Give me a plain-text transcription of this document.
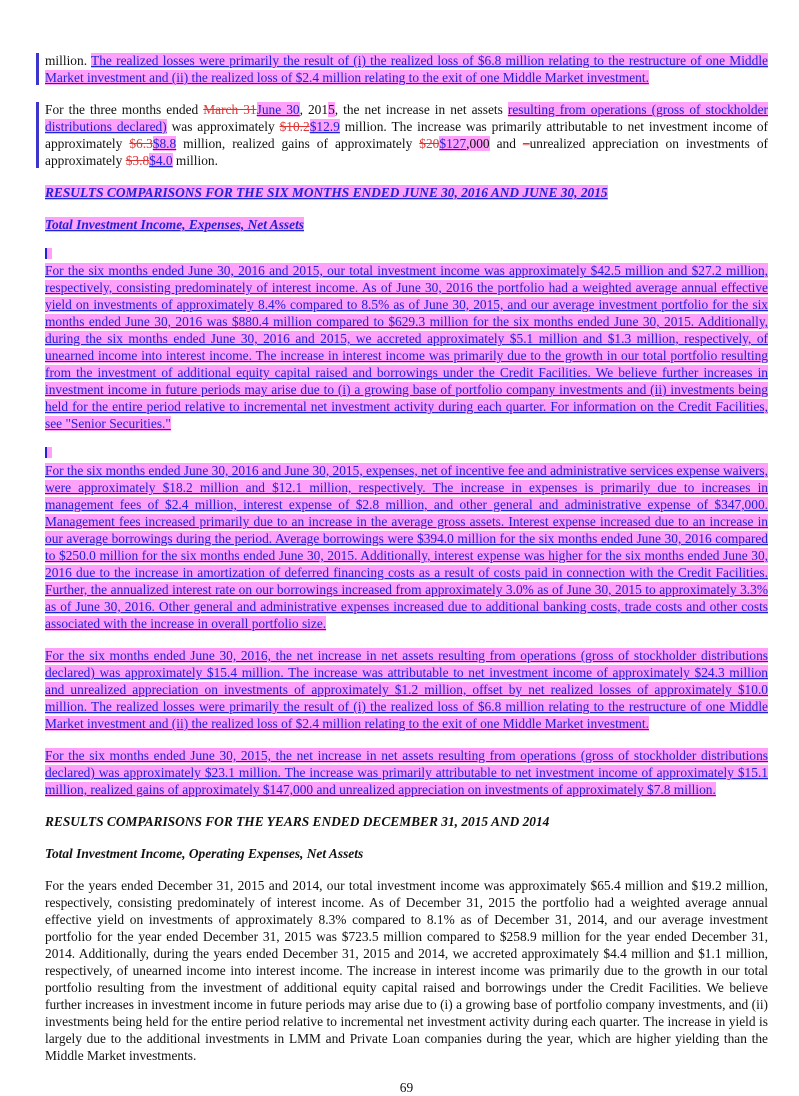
million. The realized losses were primarily the result of (i) the realized loss of $6.8 million relating to the restructure of one Middle Market investment and (ii) the realized loss of $2.4 million relating to the exit of one Middle Market investment.

For the three months ended March 31June 30, 2015, the net increase in net assets resulting from operations (gross of stockholder distributions declared) was approximately $10.2$12.9 million. The increase was primarily attributable to net investment income of approximately $6.3$8.8 million, realized gains of approximately $20$127,000 and –unrealized appreciation on investments of approximately $3.8$4.0 million.

RESULTS COMPARISONS FOR THE SIX MONTHS ENDED JUNE 30, 2016 AND JUNE 30, 2015

Total Investment Income, Expenses, Net Assets

For the six months ended June 30, 2016 and 2015, our total investment income was approximately $42.5 million and $27.2 million, respectively, consisting predominately of interest income. As of June 30, 2016 the portfolio had a weighted average annual effective yield on investments of approximately 8.4% compared to 8.5% as of June 30, 2015, and our average investment portfolio for the six months ended June 30, 2016 was $880.4 million compared to $629.3 million for the six months ended June 30, 2015. Additionally, during the six months ended June 30, 2016 and 2015, we accreted approximately $5.1 million and $1.3 million, respectively, of unearned income into interest income. The increase in interest income was primarily due to the growth in our total portfolio resulting from the investment of additional equity capital raised and borrowings under the Credit Facilities. We believe further increases in investment income in future periods may arise due to (i) a growing base of portfolio company investments and (ii) investments being held for the entire period relative to incremental net investment activity during each quarter. For information on the Credit Facilities, see "Senior Securities."

For the six months ended June 30, 2016 and June 30, 2015, expenses, net of incentive fee and administrative services expense waivers, were approximately $18.2 million and $12.1 million, respectively. The increase in expenses is primarily due to increases in management fees of $2.4 million, interest expense of $2.8 million, and other general and administrative expense of $347,000. Management fees increased primarily due to an increase in the average gross assets. Interest expense increased due to an increase in our average borrowings during the period. Average borrowings were $394.0 million for the six months ended June 30, 2016 compared to $250.0 million for the six months ended June 30, 2015. Additionally, interest expense was higher for the six months ended June 30, 2016 due to the increase in amortization of deferred financing costs as a result of costs paid in connection with the Credit Facilities. Further, the annualized interest rate on our borrowings increased from approximately 3.0% as of June 30, 2015 to approximately 3.3% as of June 30, 2016. Other general and administrative expenses increased due to additional banking costs, trade costs and other costs associated with the increase in overall portfolio size.

For the six months ended June 30, 2016, the net increase in net assets resulting from operations (gross of stockholder distributions declared) was approximately $15.4 million. The increase was attributable to net investment income of approximately $24.3 million and unrealized appreciation on investments of approximately $1.2 million, offset by net realized losses of approximately $10.0 million. The realized losses were primarily the result of (i) the realized loss of $6.8 million relating to the restructure of one Middle Market investment and (ii) the realized loss of $2.4 million relating to the exit of one Middle Market investment.

For the six months ended June 30, 2015, the net increase in net assets resulting from operations (gross of stockholder distributions declared) was approximately $23.1 million. The increase was primarily attributable to net investment income of approximately $15.1 million, realized gains of approximately $147,000 and unrealized appreciation on investments of approximately $7.8 million.

RESULTS COMPARISONS FOR THE YEARS ENDED DECEMBER 31, 2015 AND 2014

Total Investment Income, Operating Expenses, Net Assets

For the years ended December 31, 2015 and 2014, our total investment income was approximately $65.4 million and $19.2 million, respectively, consisting predominately of interest income. As of December 31, 2015 the portfolio had a weighted average annual effective yield on investments of approximately 8.3% compared to 8.1% as of December 31, 2014, and our average investment portfolio for the year ended December 31, 2015 was $723.5 million compared to $258.9 million for the year ended December 31, 2014. Additionally, during the years ended December 31, 2015 and 2014, we accreted approximately $4.4 million and $1.1 million, respectively, of unearned income into interest income. The increase in interest income was primarily due to the growth in our total portfolio resulting from the investment of additional equity capital raised and borrowings under the Credit Facilities. We believe further increases in investment income in future periods may arise due to (i) a growing base of portfolio company investments, and (ii) investments being held for the entire period relative to incremental net investment activity during each quarter. The increase in yield is largely due to the additional investments in LMM and Private Loan companies during the year, which are higher yielding than the Middle Market investments.

69
